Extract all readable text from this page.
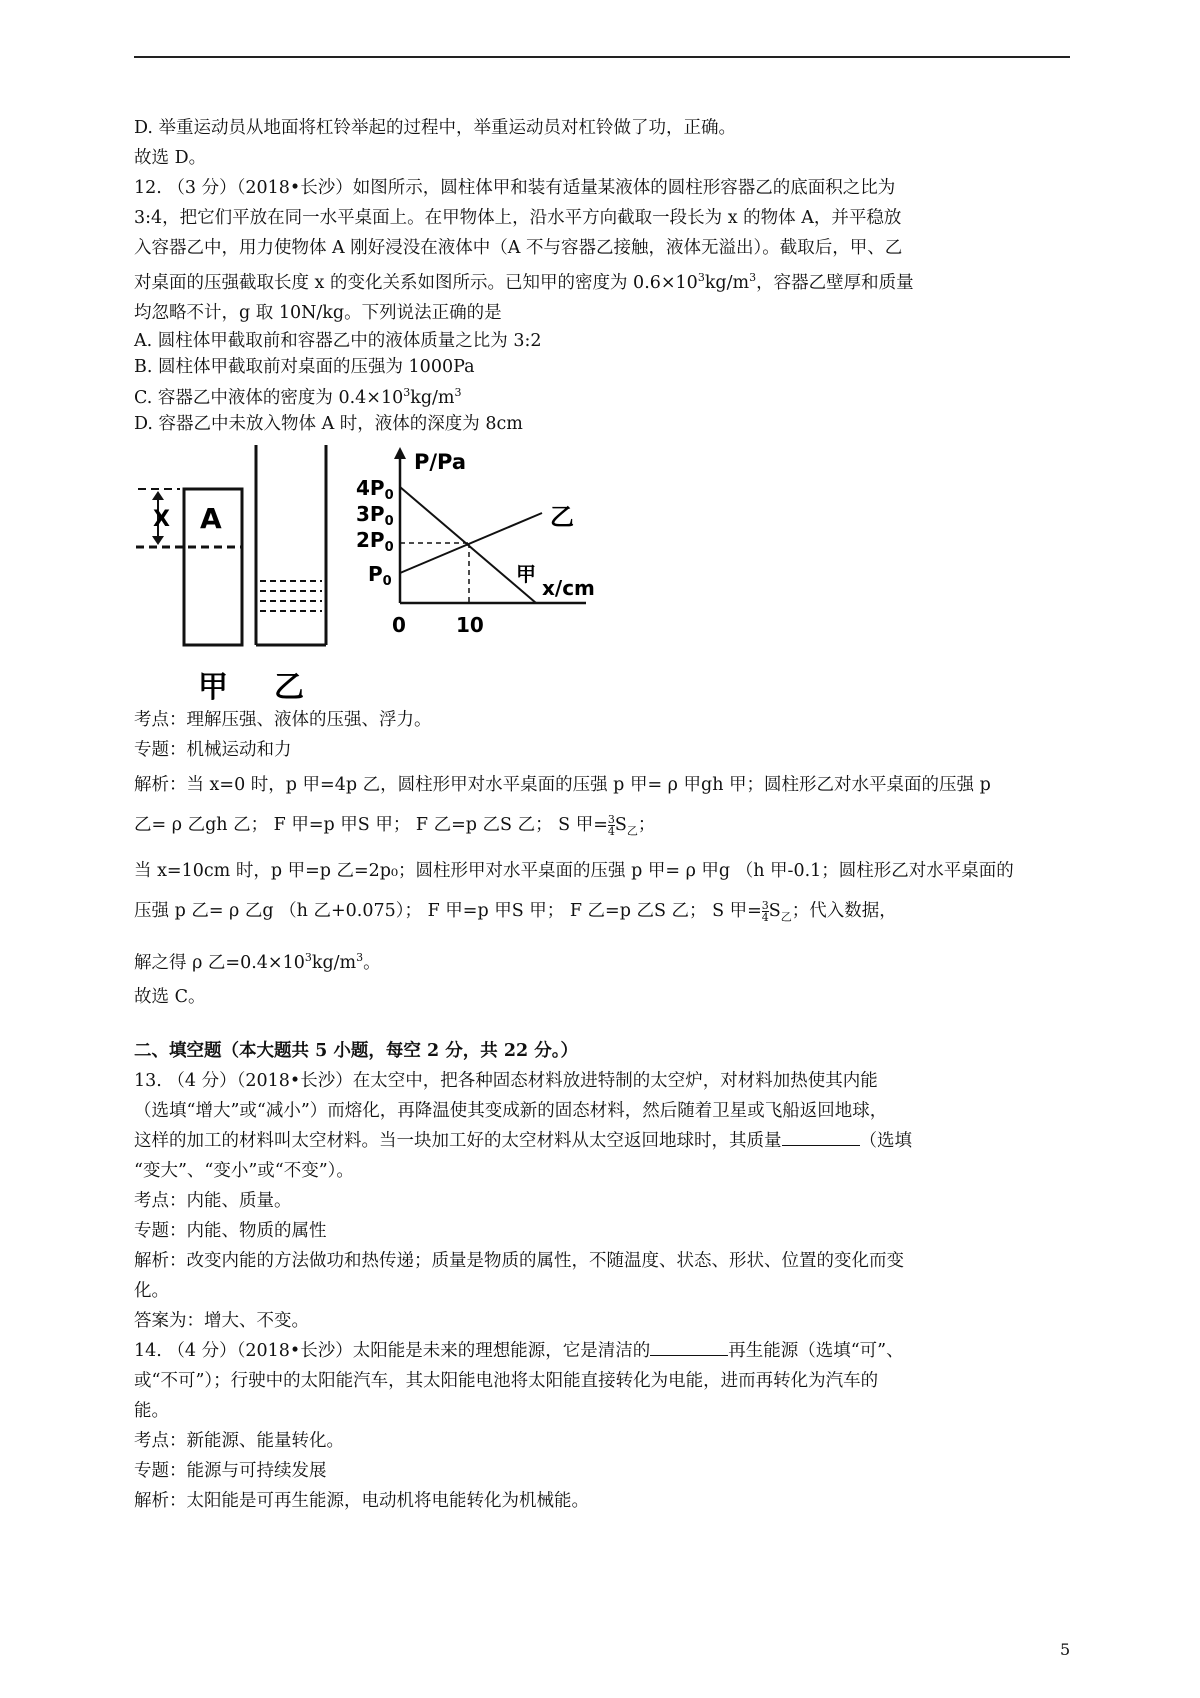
D. 举重运动员从地面将杠铃举起的过程中，举重运动员对杠铃做了功，正确。

故选 D。

12. （3 分）（2018•长沙）如图所示，圆柱体甲和装有适量某液体的圆柱形容器乙的底面积之比为

3:4，把它们平放在同一水平桌面上。在甲物体上，沿水平方向截取一段长为 x 的物体 A，并平稳放

入容器乙中，用力使物体 A 刚好浸没在液体中（A 不与容器乙接触，液体无溢出）。截取后，甲、乙

对桌面的压强截取长度 x 的变化关系如图所示。已知甲的密度为 $0.6\times 10^3kg/m^3$，容器乙壁厚和质量

均忽略不计，g 取 10N/kg。下列说法正确的是

A. 圆柱体甲截取前和容器乙中的液体质量之比为 3:2

B. 圆柱体甲截取前对桌面的压强为 1000Pa

C. 容器乙中液体的密度为 $0.4\times 10^3kg/m^3$

D. 容器乙中未放入物体 A 时，液体的深度为 8cm

X A
甲 乙
P/Pa
x/cm
$4P_0$
$3P_0$
$2P_0$
$P_0$
0	10
乙
甲

考点：理解压强、液体的压强、浮力。

专题：机械运动和力

解析：当 x=0 时，p 甲=4p 乙，圆柱形甲对水平桌面的压强 p 甲= ρ 甲gh 甲；圆柱形乙对水平桌面的压强 p

乙= ρ 乙gh 乙； F 甲=p 甲S 甲； F 乙=p 乙S 乙； S 甲= $\frac{3}{4} S_乙$；

当 x=10cm 时，p 甲=p 乙=2p₀；圆柱形甲对水平桌面的压强 p 甲= ρ 甲g （h 甲-0.1；圆柱形乙对水平桌面的

压强 p 乙= ρ 乙g （h 乙+0.075）； F 甲=p 甲S 甲； F 乙=p 乙S 乙； S 甲= $\frac{3}{4} S_乙$；代入数据，

解之得 ρ 乙$=0.4\times 10^3kg/m^3$。

故选 C。

二、填空题（本大题共 5 小题，每空 2 分，共 22 分。）

13. （4 分）（2018•长沙）在太空中，把各种固态材料放进特制的太空炉，对材料加热使其内能

（选填“增大”或“减小”）而熔化，再降温使其变成新的固态材料，然后随着卫星或飞船返回地球，

这样的加工的材料叫太空材料。当一块加工好的太空材料从太空返回地球时，其质量	（选填

“变大”、“变小”或“不变”）。

考点：内能、质量。

专题：内能、物质的属性

解析：改变内能的方法做功和热传递；质量是物质的属性，不随温度、状态、形状、位置的变化而变

化。

答案为：增大、不变。

14. （4 分）（2018•长沙）太阳能是未来的理想能源，它是清洁的	再生能源（选填“可”、

或“不可”）；行驶中的太阳能汽车，其太阳能电池将太阳能直接转化为电能，进而再转化为汽车的

能。

考点：新能源、能量转化。

专题：能源与可持续发展

解析：太阳能是可再生能源，电动机将电能转化为机械能。

5
